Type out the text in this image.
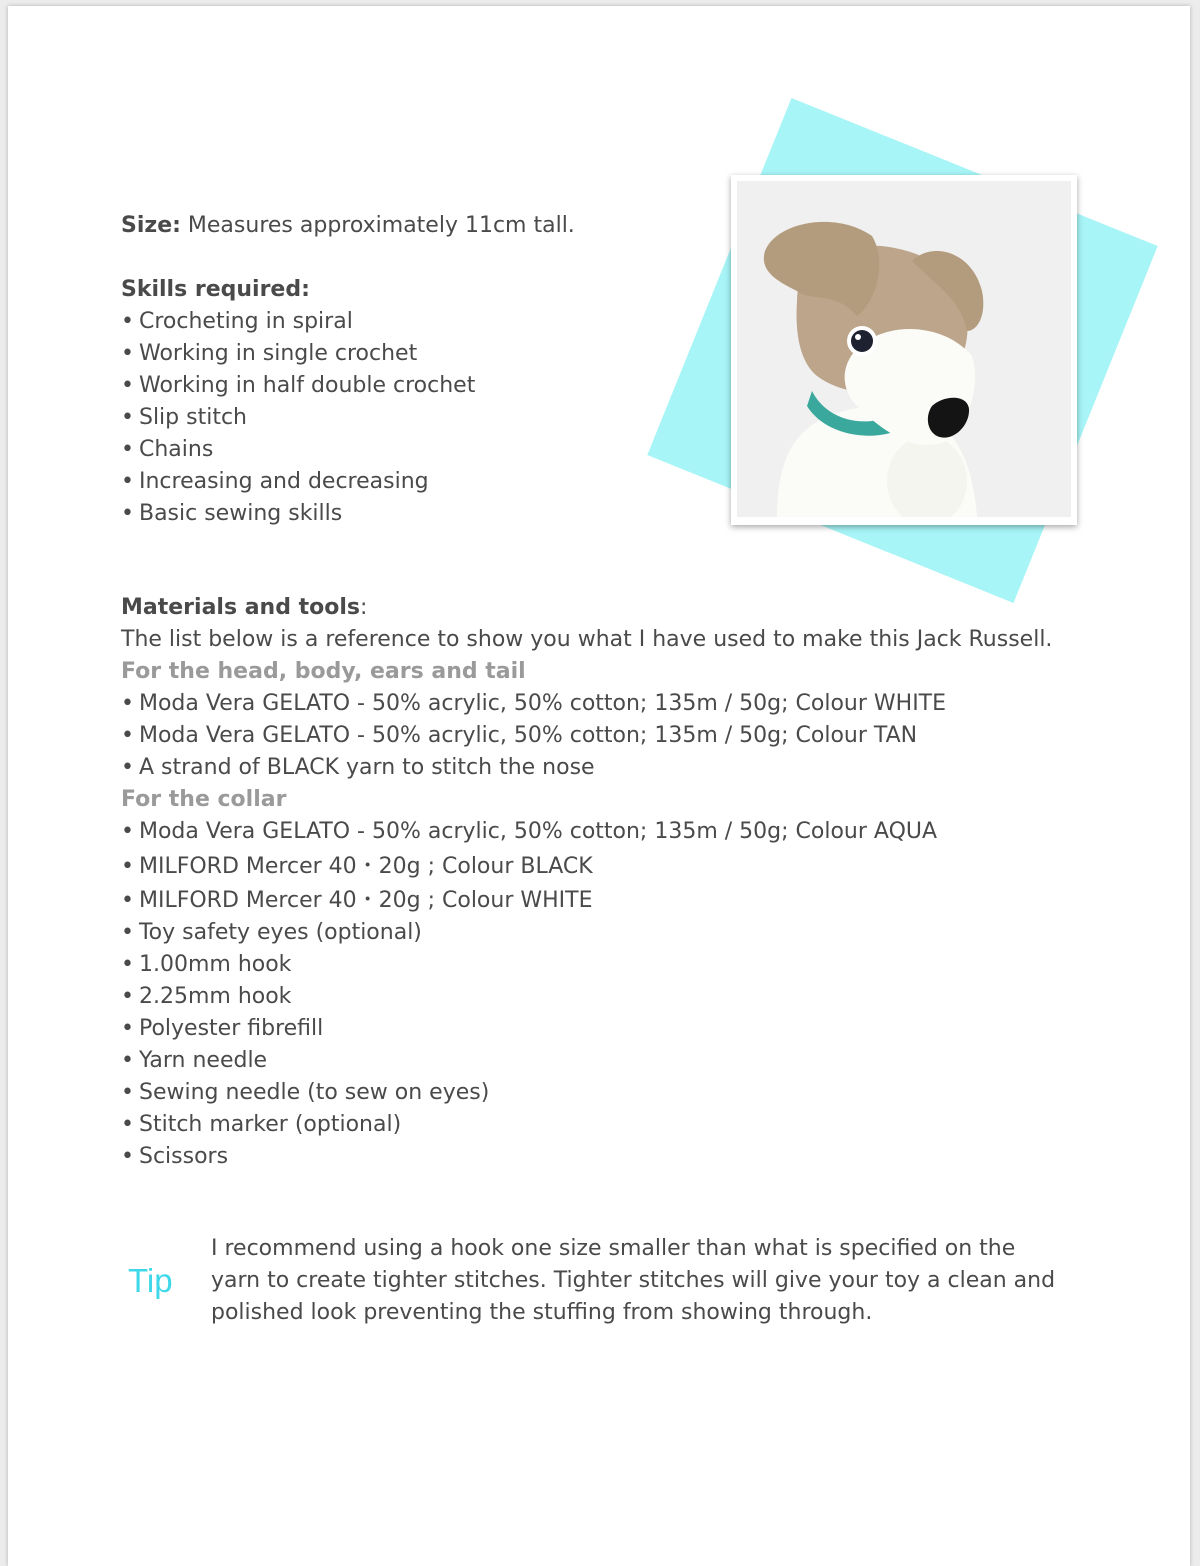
Size: Measures approximately 11cm tall.
Skills required:
• Crocheting in spiral
• Working in single crochet
• Working in half double crochet
• Slip stitch
• Chains
• Increasing and decreasing
• Basic sewing skills
Materials and tools:
The list below is a reference to show you what I have used to make this Jack Russell.
For the head, body, ears and tail
• Moda Vera GELATO - 50% acrylic, 50% cotton; 135m / 50g; Colour WHITE
• Moda Vera GELATO - 50% acrylic, 50% cotton; 135m / 50g; Colour TAN
• A strand of BLACK yarn to stitch the nose
For the collar
• Moda Vera GELATO - 50% acrylic, 50% cotton; 135m / 50g; Colour AQUA
• MILFORD Mercer 40・20g ; Colour BLACK
• MILFORD Mercer 40・20g ; Colour WHITE
• Toy safety eyes (optional)
• 1.00mm hook
• 2.25mm hook
• Polyester fibrefill
• Yarn needle
• Sewing needle (to sew on eyes)
• Stitch marker (optional)
• Scissors
Tip
I recommend using a hook one size smaller than what is specified on the
yarn to create tighter stitches. Tighter stitches will give your toy a clean and
polished look preventing the stuffing from showing through.
